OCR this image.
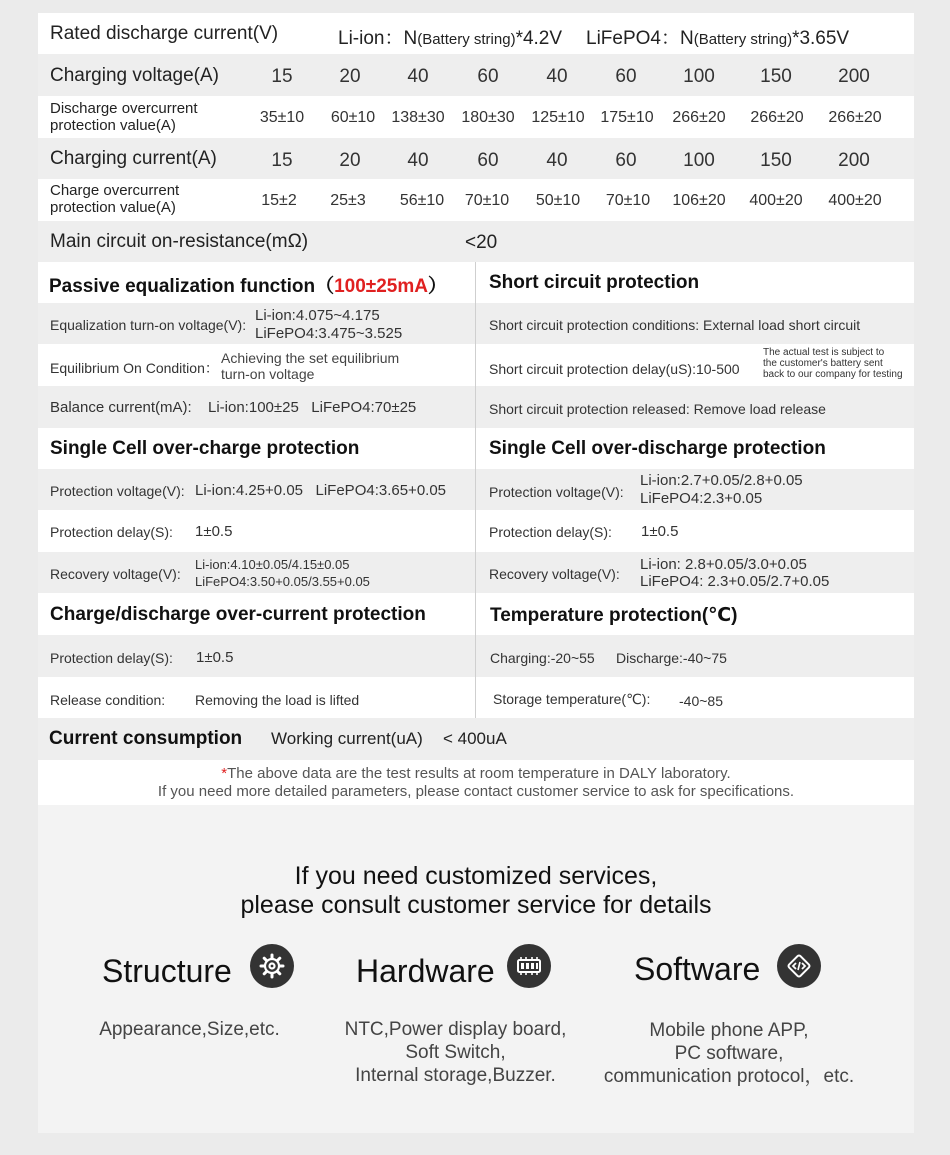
Rated discharge current(V)	Li-ion：N(Battery string)*4.2V LiFePO4：N(Battery string)*3.65V
Charging voltage(A)	15	20	40	60	40	60	100	150	200
Discharge overcurrent
protection value(A)	35±10	60±10	138±30	180±30	125±10 175±10	266±20	266±20	266±20
Charging current(A)	15	20	40	60	40	60	100	150	200
Charge overcurrent
protection value(A)	15±2	25±3	56±10	70±10	50±10	70±10	106±20	400±20	400±20
Main circuit on-resistance(mΩ)	<20
Passive equalization function（100±25mA） Short circuit protection
Equalization turn-on voltage(V):
Li-ion:4.075~4.175
LiFePO4:3.475~3.525	Short circuit protection conditions: External load short circuit
Equilibrium On Condition：
Achieving the set equilibrium
turn-on voltage	Short circuit protection delay(uS):10-500
The actual test is subject to
the customer's battery sent
back to our company for testing
Balance current(mA): Li-ion:100±25   LiFePO4:70±25	Short circuit protection released: Remove load release
Single Cell over-charge protection	Single Cell over-discharge protection
Protection voltage(V): Li-ion:4.25+0.05   LiFePO4:3.65+0.05	Protection voltage(V):
Li-ion:2.7+0.05/2.8+0.05
LiFePO4:2.3+0.05
Protection delay(S): 1±0.5	Protection delay(S): 1±0.5
Recovery voltage(V):
Li-ion:4.10±0.05/4.15±0.05
LiFePO4:3.50+0.05/3.55+0.05	Recovery voltage(V):
Li-ion: 2.8+0.05/3.0+0.05
LiFePO4: 2.3+0.05/2.7+0.05
Charge/discharge over-current protection	Temperature protection(℃)
Protection delay(S): 1±0.5	Charging:-20~55 Discharge:-40~75
Release condition: Removing the load is lifted	Storage temperature(℃): -40~85
Current consumption Working current(uA) < 400uA
*The above data are the test results at room temperature in DALY laboratory.
If you need more detailed parameters, please contact customer service to ask for specifications.
If you need customized services,
please consult customer service for details
Structure
Appearance,Size,etc.
Hardware
NTC,Power display board,
Soft Switch,
Internal storage,Buzzer.
Software
Mobile phone APP,
PC software,
communication protocol，etc.
